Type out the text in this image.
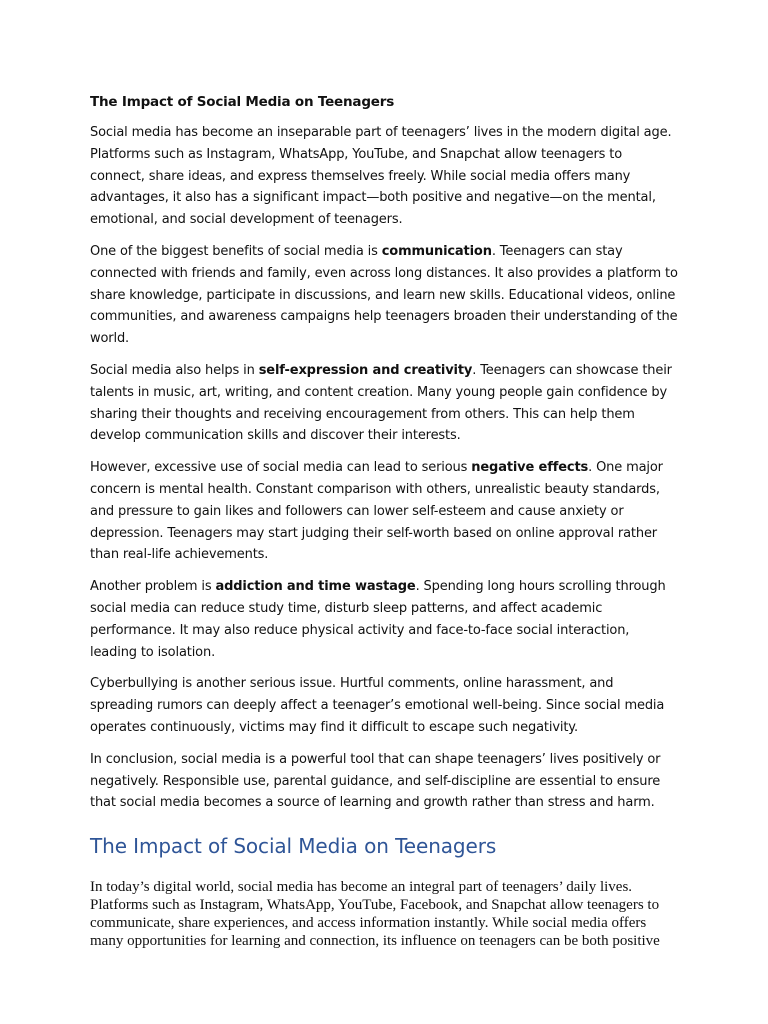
The Impact of Social Media on Teenagers

Social media has become an inseparable part of teenagers’ lives in the modern digital age. Platforms such as Instagram, WhatsApp, YouTube, and Snapchat allow teenagers to connect, share ideas, and express themselves freely. While social media offers many advantages, it also has a significant impact—both positive and negative—on the mental, emotional, and social development of teenagers.

One of the biggest benefits of social media is communication. Teenagers can stay connected with friends and family, even across long distances. It also provides a platform to share knowledge, participate in discussions, and learn new skills. Educational videos, online communities, and awareness campaigns help teenagers broaden their understanding of the world.

Social media also helps in self-expression and creativity. Teenagers can showcase their talents in music, art, writing, and content creation. Many young people gain confidence by sharing their thoughts and receiving encouragement from others. This can help them develop communication skills and discover their interests.

However, excessive use of social media can lead to serious negative effects. One major concern is mental health. Constant comparison with others, unrealistic beauty standards, and pressure to gain likes and followers can lower self-esteem and cause anxiety or depression. Teenagers may start judging their self-worth based on online approval rather than real-life achievements.

Another problem is addiction and time wastage. Spending long hours scrolling through social media can reduce study time, disturb sleep patterns, and affect academic performance. It may also reduce physical activity and face-to-face social interaction, leading to isolation.

Cyberbullying is another serious issue. Hurtful comments, online harassment, and spreading rumors can deeply affect a teenager’s emotional well-being. Since social media operates continuously, victims may find it difficult to escape such negativity.

In conclusion, social media is a powerful tool that can shape teenagers’ lives positively or negatively. Responsible use, parental guidance, and self-discipline are essential to ensure that social media becomes a source of learning and growth rather than stress and harm.

The Impact of Social Media on Teenagers

In today’s digital world, social media has become an integral part of teenagers’ daily lives. Platforms such as Instagram, WhatsApp, YouTube, Facebook, and Snapchat allow teenagers to communicate, share experiences, and access information instantly. While social media offers many opportunities for learning and connection, its influence on teenagers can be both positive
